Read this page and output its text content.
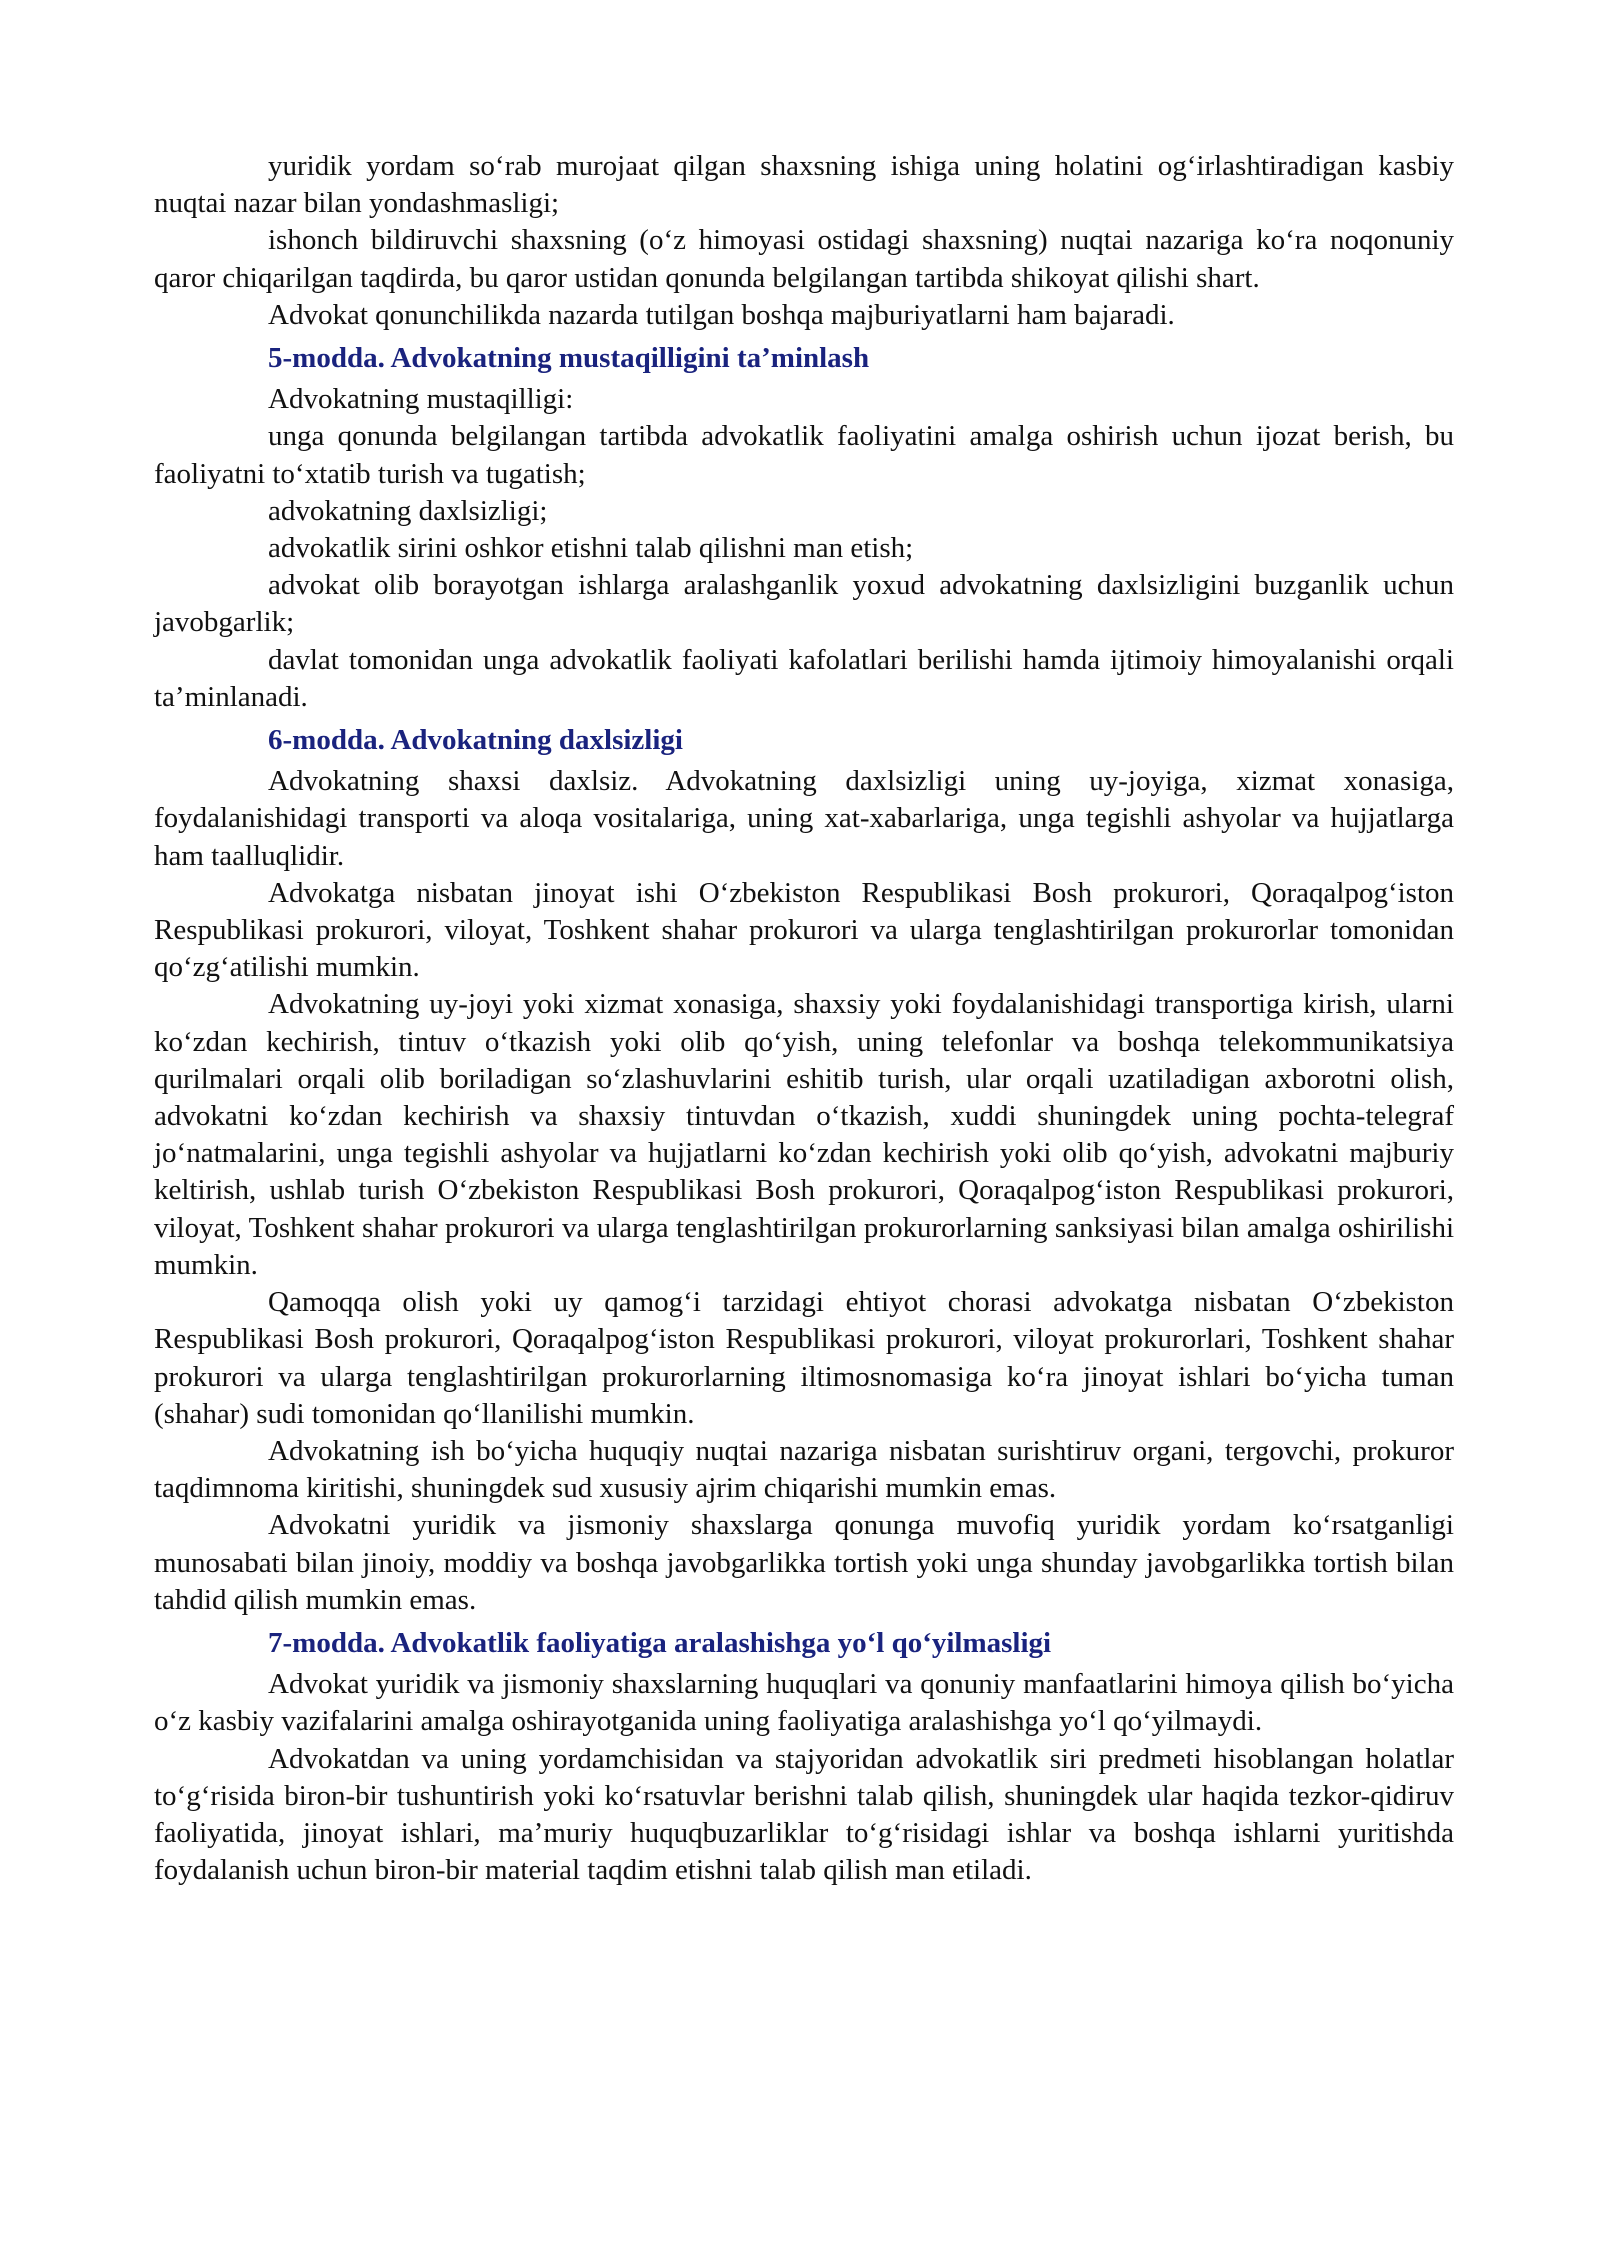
yuridik yordam so‘rab murojaat qilgan shaxsning ishiga uning holatini og‘irlashtiradigan kasbiy nuqtai nazar bilan yondashmasligi;

ishonch bildiruvchi shaxsning (o‘z himoyasi ostidagi shaxsning) nuqtai nazariga ko‘ra noqonuniy qaror chiqarilgan taqdirda, bu qaror ustidan qonunda belgilangan tartibda shikoyat qilishi shart.

Advokat qonunchilikda nazarda tutilgan boshqa majburiyatlarni ham bajaradi.

5-modda. Advokatning mustaqilligini ta’minlash

Advokatning mustaqilligi:

unga qonunda belgilangan tartibda advokatlik faoliyatini amalga oshirish uchun ijozat berish, bu faoliyatni to‘xtatib turish va tugatish;

advokatning daxlsizligi;

advokatlik sirini oshkor etishni talab qilishni man etish;

advokat olib borayotgan ishlarga aralashganlik yoxud advokatning daxlsizligini buzganlik uchun javobgarlik;

davlat tomonidan unga advokatlik faoliyati kafolatlari berilishi hamda ijtimoiy himoyalanishi orqali ta’minlanadi.

6-modda. Advokatning daxlsizligi

Advokatning shaxsi daxlsiz. Advokatning daxlsizligi uning uy-joyiga, xizmat xonasiga, foydalanishidagi transporti va aloqa vositalariga, uning xat-xabarlariga, unga tegishli ashyolar va hujjatlarga ham taalluqlidir.

Advokatga nisbatan jinoyat ishi O‘zbekiston Respublikasi Bosh prokurori, Qoraqalpog‘iston Respublikasi prokurori, viloyat, Toshkent shahar prokurori va ularga tenglashtirilgan prokurorlar tomonidan qo‘zg‘atilishi mumkin.

Advokatning uy-joyi yoki xizmat xonasiga, shaxsiy yoki foydalanishidagi transportiga kirish, ularni ko‘zdan kechirish, tintuv o‘tkazish yoki olib qo‘yish, uning telefonlar va boshqa telekommunikatsiya qurilmalari orqali olib boriladigan so‘zlashuvlarini eshitib turish, ular orqali uzatiladigan axborotni olish, advokatni ko‘zdan kechirish va shaxsiy tintuvdan o‘tkazish, xuddi shuningdek uning pochta-telegraf jo‘natmalarini, unga tegishli ashyolar va hujjatlarni ko‘zdan kechirish yoki olib qo‘yish, advokatni majburiy keltirish, ushlab turish O‘zbekiston Respublikasi Bosh prokurori, Qoraqalpog‘iston Respublikasi prokurori, viloyat, Toshkent shahar prokurori va ularga tenglashtirilgan prokurorlarning sanksiyasi bilan amalga oshirilishi mumkin.

Qamoqqa olish yoki uy qamog‘i tarzidagi ehtiyot chorasi advokatga nisbatan O‘zbekiston Respublikasi Bosh prokurori, Qoraqalpog‘iston Respublikasi prokurori, viloyat prokurorlari, Toshkent shahar prokurori va ularga tenglashtirilgan prokurorlarning iltimosnomasiga ko‘ra jinoyat ishlari bo‘yicha tuman (shahar) sudi tomonidan qo‘llanilishi mumkin.

Advokatning ish bo‘yicha huquqiy nuqtai nazariga nisbatan surishtiruv organi, tergovchi, prokuror taqdimnoma kiritishi, shuningdek sud xususiy ajrim chiqarishi mumkin emas.

Advokatni yuridik va jismoniy shaxslarga qonunga muvofiq yuridik yordam ko‘rsatganligi munosabati bilan jinoiy, moddiy va boshqa javobgarlikka tortish yoki unga shunday javobgarlikka tortish bilan tahdid qilish mumkin emas.

7-modda. Advokatlik faoliyatiga aralashishga yo‘l qo‘yilmasligi

Advokat yuridik va jismoniy shaxslarning huquqlari va qonuniy manfaatlarini himoya qilish bo‘yicha o‘z kasbiy vazifalarini amalga oshirayotganida uning faoliyatiga aralashishga yo‘l qo‘yilmaydi.

Advokatdan va uning yordamchisidan va stajyoridan advokatlik siri predmeti hisoblangan holatlar to‘g‘risida biron-bir tushuntirish yoki ko‘rsatuvlar berishni talab qilish, shuningdek ular haqida tezkor-qidiruv faoliyatida, jinoyat ishlari, ma’muriy huquqbuzarliklar to‘g‘risidagi ishlar va boshqa ishlarni yuritishda foydalanish uchun biron-bir material taqdim etishni talab qilish man etiladi.
